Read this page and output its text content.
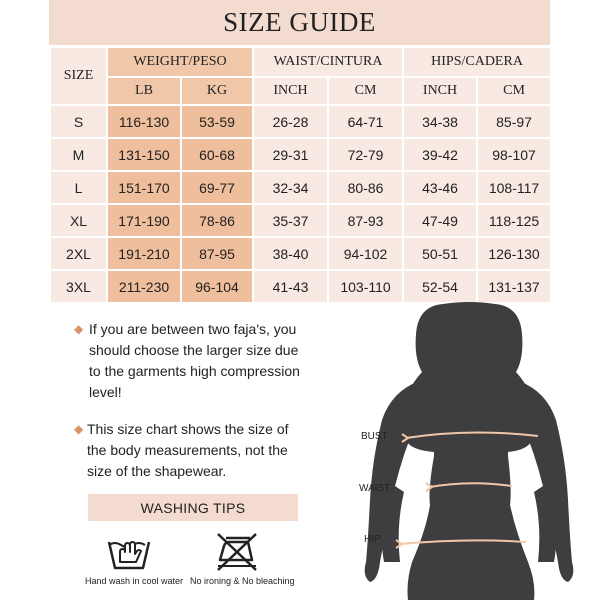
SIZE GUIDE
SIZE	WEIGHT/PESO		WAIST/CINTURA		HIPS/CADERA	
	LB	KG	INCH	CM	INCH	CM
S	116-130	53-59	26-28	64-71	34-38	85-97
M	131-150	60-68	29-31	72-79	39-42	98-107
L	151-170	69-77	32-34	80-86	43-46	108-117
XL	171-190	78-86	35-37	87-93	47-49	118-125
2XL	191-210	87-95	38-40	94-102	50-51	126-130
3XL	211-230	96-104	41-43	103-110	52-54	131-137
◆ If you are between two faja's, you
should choose the larger size due
to the garments high compression
level!
◆ This size chart shows the size of
the body measurements, not the
size of the shapewear.
WASHING TIPS
Hand wash in cool water No ironing & No bleaching
BUST
WAIST
HIP
